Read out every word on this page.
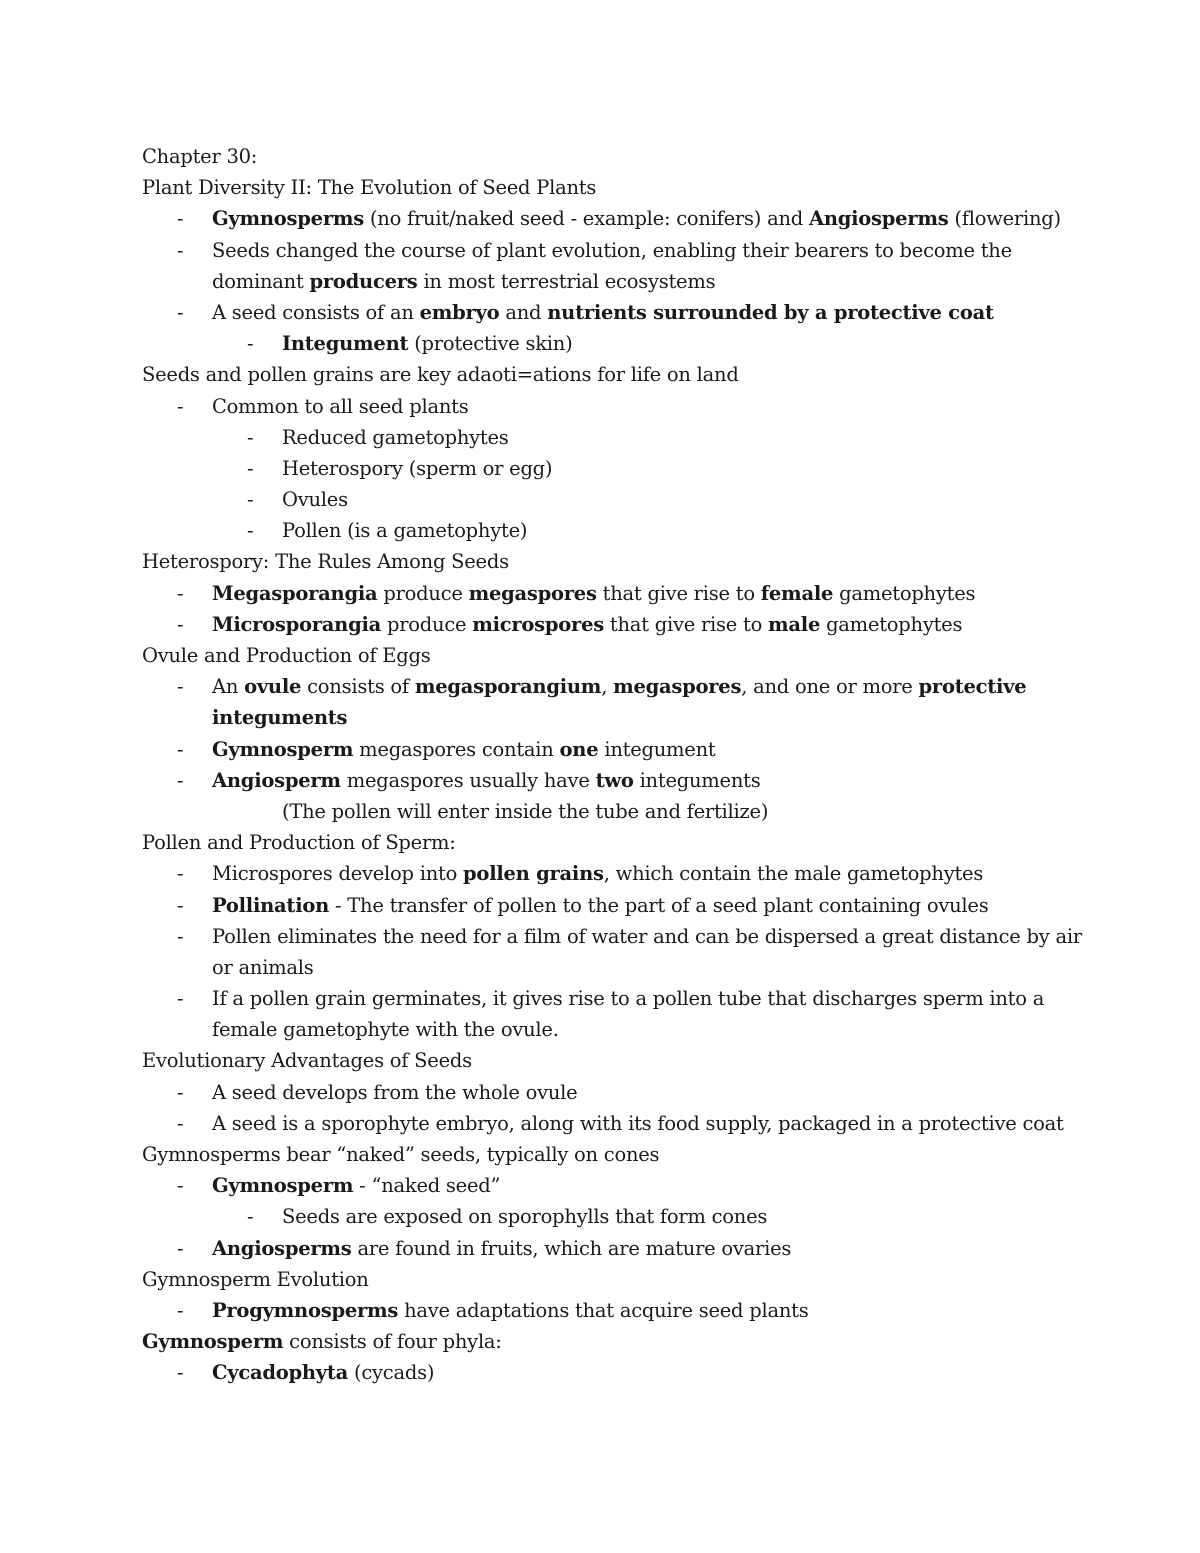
Chapter 30:
Plant Diversity II: The Evolution of Seed Plants
- Gymnosperms (no fruit/naked seed - example: conifers) and Angiosperms (flowering)
- Seeds changed the course of plant evolution, enabling their bearers to become the
dominant producers in most terrestrial ecosystems
- A seed consists of an embryo and nutrients surrounded by a protective coat
- Integument (protective skin)
Seeds and pollen grains are key adaoti=ations for life on land
- Common to all seed plants
- Reduced gametophytes
- Heterospory (sperm or egg)
- Ovules
- Pollen (is a gametophyte)
Heterospory: The Rules Among Seeds
- Megasporangia produce megaspores that give rise to female gametophytes
- Microsporangia produce microspores that give rise to male gametophytes
Ovule and Production of Eggs
- An ovule consists of megasporangium, megaspores, and one or more protective
integuments
- Gymnosperm megaspores contain one integument
- Angiosperm megaspores usually have two integuments
(The pollen will enter inside the tube and fertilize)
Pollen and Production of Sperm:
- Microspores develop into pollen grains, which contain the male gametophytes
- Pollination - The transfer of pollen to the part of a seed plant containing ovules
- Pollen eliminates the need for a film of water and can be dispersed a great distance by air
or animals
- If a pollen grain germinates, it gives rise to a pollen tube that discharges sperm into a
female gametophyte with the ovule.
Evolutionary Advantages of Seeds
- A seed develops from the whole ovule
- A seed is a sporophyte embryo, along with its food supply, packaged in a protective coat
Gymnosperms bear “naked” seeds, typically on cones
- Gymnosperm - “naked seed”
- Seeds are exposed on sporophylls that form cones
- Angiosperms are found in fruits, which are mature ovaries
Gymnosperm Evolution
- Progymnosperms have adaptations that acquire seed plants
Gymnosperm consists of four phyla:
- Cycadophyta (cycads)
